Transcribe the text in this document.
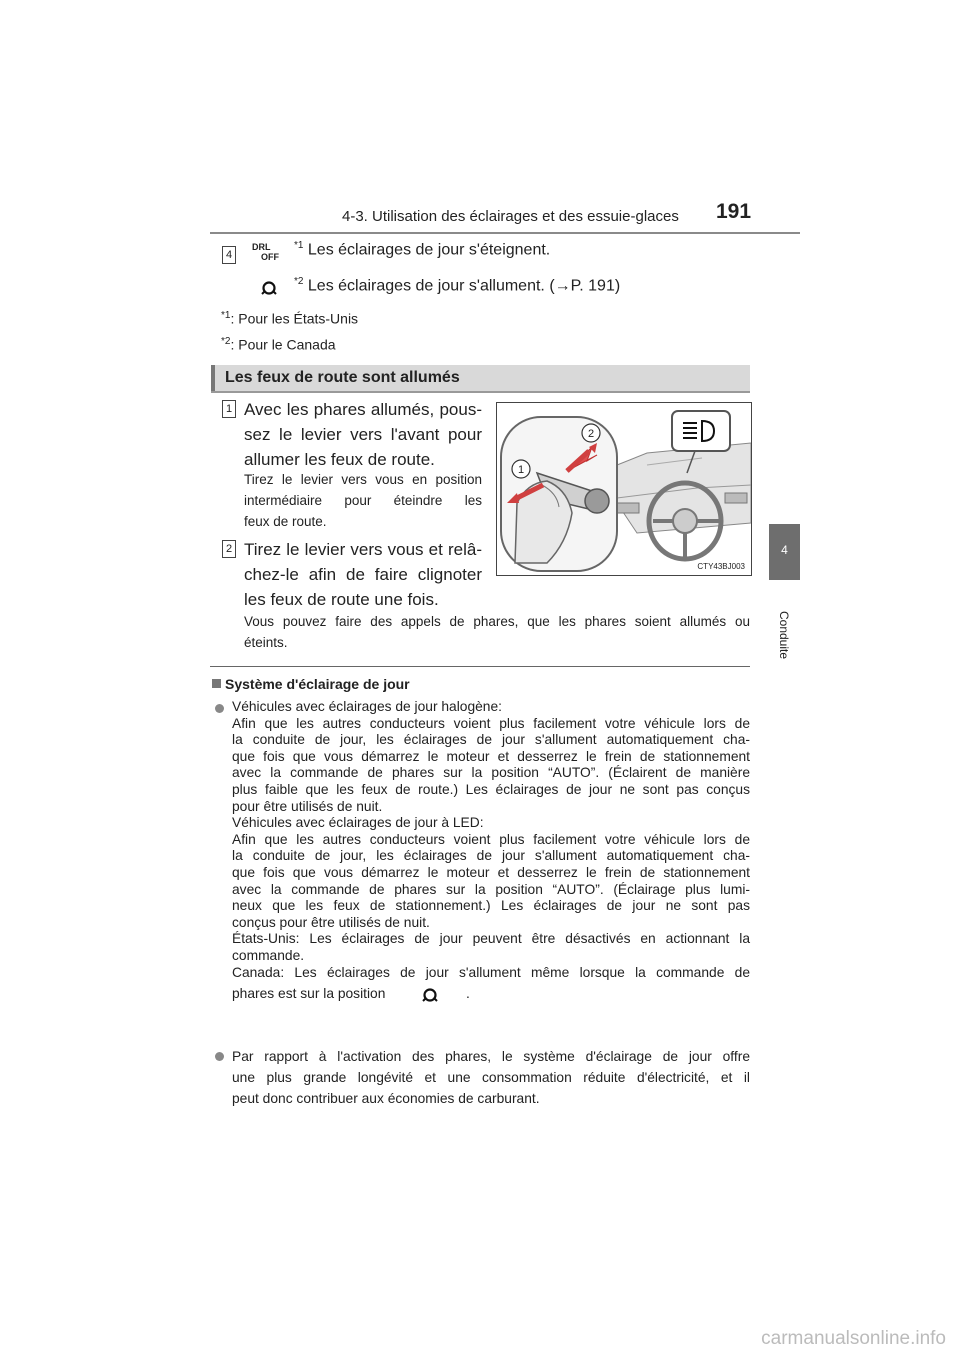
4-3. Utilisation des éclairages et des essuie-glaces 191
4
Conduite
4
DRL
OFF
$^{*1}$ Les éclairages de jour s'éteignent.
$^{*2}$ Les éclairages de jour s'allument. (→P. 191)
$^{*1}$: Pour les États-Unis
$^{*2}$: Pour le Canada
Les feux de route sont allumés
1 Avec les phares allumés, pous-
sez le levier vers l'avant pour
allumer les feux de route.
Tirez le levier vers vous en position
intermédiaire pour éteindre les
feux de route.
2 Tirez le levier vers vous et relâ-
chez-le afin de faire clignoter
les feux de route une fois.
Vous pouvez faire des appels de phares, que les phares soient allumés ou
éteints.
2
1
CTY43BJ003
Système d'éclairage de jour
Véhicules avec éclairages de jour halogène:
Afin que les autres conducteurs voient plus facilement votre véhicule lors de
la conduite de jour, les éclairages de jour s'allument automatiquement cha-
que fois que vous démarrez le moteur et desserrez le frein de stationnement
avec la commande de phares sur la position “AUTO”. (Éclairent de manière
plus faible que les feux de route.) Les éclairages de jour ne sont pas conçus
pour être utilisés de nuit.
Véhicules avec éclairages de jour à LED:
Afin que les autres conducteurs voient plus facilement votre véhicule lors de
la conduite de jour, les éclairages de jour s'allument automatiquement cha-
que fois que vous démarrez le moteur et desserrez le frein de stationnement
avec la commande de phares sur la position “AUTO”. (Éclairage plus lumi-
neux que les feux de stationnement.) Les éclairages de jour ne sont pas
conçus pour être utilisés de nuit.
États-Unis: Les éclairages de jour peuvent être désactivés en actionnant la
commande.
Canada: Les éclairages de jour s'allument même lorsque la commande de
phares est sur la position	.
Par rapport à l'activation des phares, le système d'éclairage de jour offre
une plus grande longévité et une consommation réduite d'électricité, et il
peut donc contribuer aux économies de carburant.
carmanualsonline.info
